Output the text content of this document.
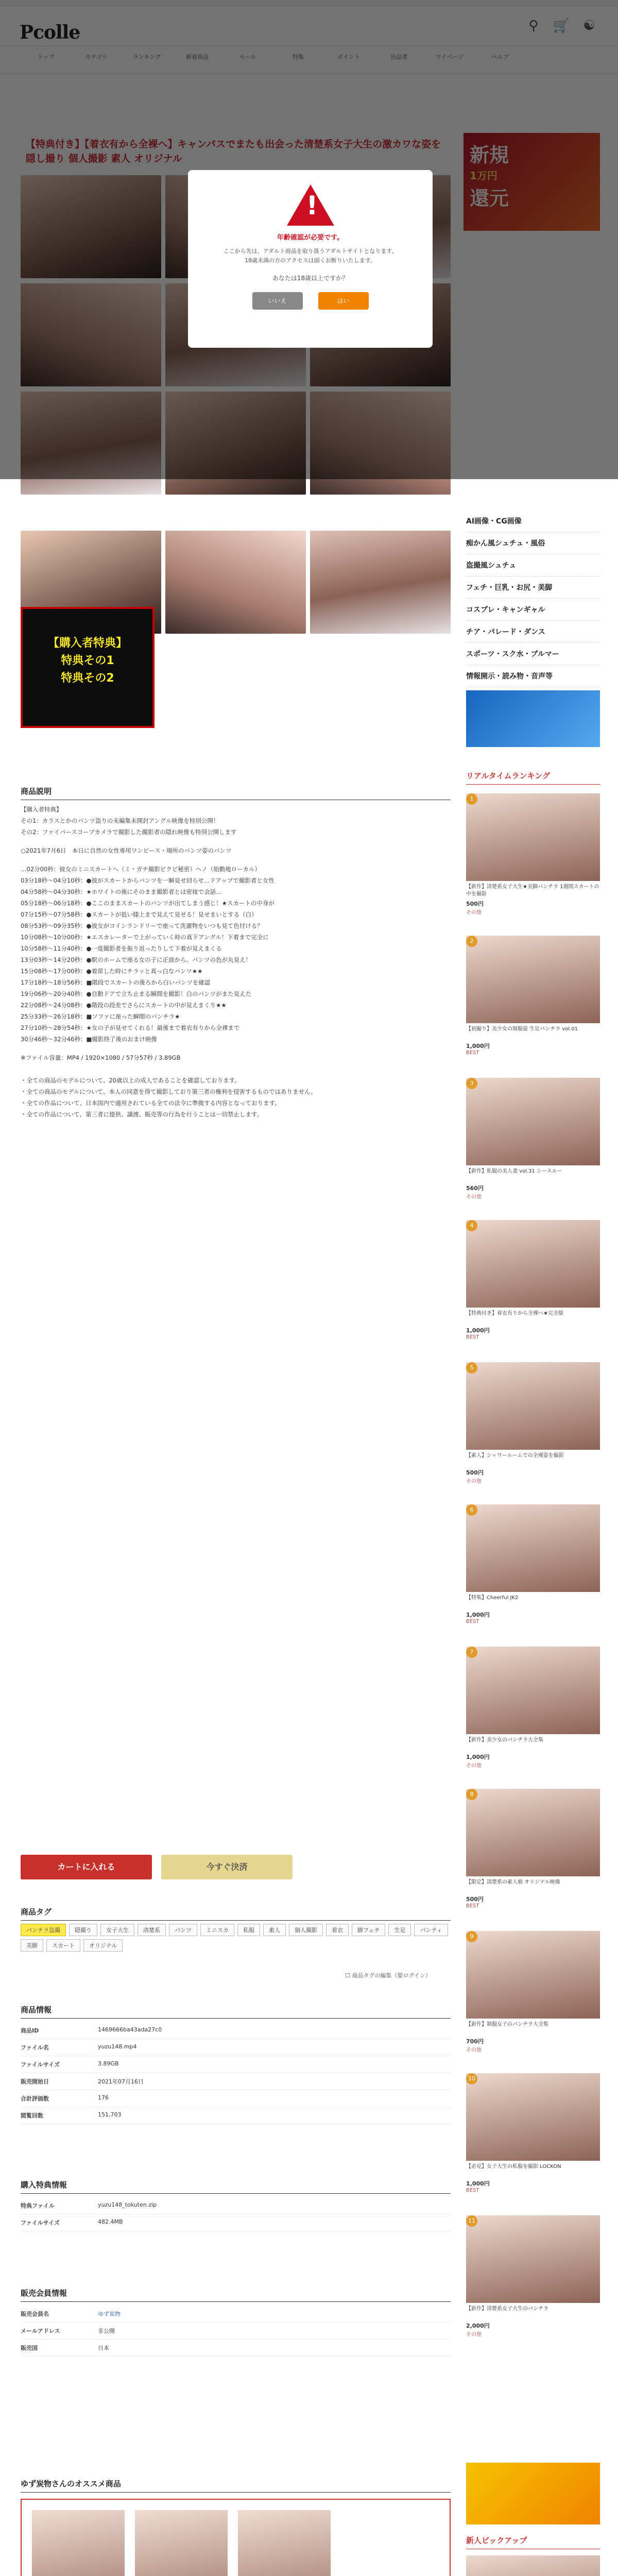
【購入者特典】
特典その1
特典その2
AI画像・CG画像
痴かん風シュチュ・風俗
盗撮風シュチュ
フェチ・巨乳・お尻・美脚
コスプレ・キャンギャル
チア・パレード・ダンス
スポーツ・スク水・ブルマー
情報開示・読み物・音声等
商品説明

【購入者特典】

その1：カラスとかのパンツ盗りの未編集未開封アングル映像を特別公開！

その2：ファイバースコープカメラで撮影した撮影者の隠れ映像も特別公開します

○2021年7月6日　本日に自然の女性専用ワンピース・場所のパンツ姿のパンツ

…02分00秒：彼女のミニスカートへ（ミ・ガチ撮影ビクピ秘密）ヘノ（始動地ローカル）

03分18秒〜04分10秒：●彼がスカートからパンツを一瞬見せ回らせ…ドアップで撮影者と女性

04分58秒〜04分30秒：★ホワイトの後にそのまま撮影者とは密接で会話…

05分18秒〜06分18秒：●ここのままスカートのパンツが出てしまう感じ！★スカートの中身が

07分15秒〜07分58秒：●スカートが低い膝上まで見えて見せる！見せまいとする（白）

08分53秒〜09分35秒：●彼女がコインランドリーで座って洗濯物をいつも見て色付ける？

10分08秒〜10分00秒：★エスカレーターで上がっていく時の真下アングル！下着まで完全に

10分58秒〜11分40秒：●一度撮影者を振り返ったりして下着が見えまくる

13分03秒〜14分20秒：●駅のホームで座る女の子に正面から、パンツの色が丸見え！

15分08秒〜17分00秒：●着席した時にチラッと真っ白なパンツ★★

17分18秒〜18分56秒：■階段でスカートの後ろから白いパンツを確認

19分06秒〜20分40秒：●自動ドアで立ち止まる瞬間を撮影！白のパンツがまた見えた

22分08秒〜24分08秒：●階段の段差でさらにスカートの中が見えまくり★★

25分33秒〜26分18秒：■ソファに座った瞬間のパンチラ★

27分10秒〜28分54秒：★女の子が見せてくれる！最後まで着衣有りから全裸まで

30分46秒〜32分46秒：■撮影終了後のおまけ映像

※ファイル容量：MP4 / 1920×1080 / 57分57秒 / 3.89GB

・全ての商品のモデルについて、20歳以上の成人であることを確認しております。

・全ての商品のモデルについて、本人の同意を得て撮影しており第三者の権利を侵害するものではありません。

・全ての作品について、日本国内で適用されている全ての法令に準拠する内容となっております。

・全ての作品について、第三者に提供、譲渡、販売等の行為を行うことは一切禁止します。

カートに入れる	今すぐ決済
商品タグ
パンチラ盗撮	隠撮り	女子大生	清楚系	パンツ	ミニスカ	私服	素人	個人撮影	着衣	脚フェチ	生足	パンティ
美脚	スカート	オリジナル
☐ 商品タグの編集（要ログイン）
商品情報
商品ID	1469666ba43ada27c0
ファイル名	yuzu148.mp4
ファイルサイズ	3.89GB
販売開始日	2021年07月16日
合計評価数	176
閲覧回数	151,703
購入特典情報
特典ファイル	yuzu148_tokuten.zip
ファイルサイズ	482.4MB
販売会員情報
販売会員名	ゆず炭物
メールアドレス	非公開
販売国	日本
ゆず炭物さんのオススメ商品
リアルタイムランキング
1
【新作】清楚系女子大生★美脚パンチラ 1週間スカートの中を撮影
500円
その他
2
【初撮り】美少女の制服姿 生足パンチラ vol.01
1,000円
BEST
3
【新作】私服の美人妻 vol.31 シースルー
560円
その他
4
【特典付き】着衣有りから全裸へ★完全版
1,000円
BEST
5
【素人】シャワールームでの全裸姿を撮影
500円
その他
6
【特集】Cheerful JK2
1,000円
BEST
7
【新作】美少女のパンチラ大全集
1,000円
その他
8
【限定】清楚系の素人娘 オリジナル映像
500円
BEST
9
【新作】制服女子のパンチラ大全集
700円
その他
10
【必見】女子大生の私服を撮影 LOCKON
1,000円
BEST
11
【新作】清楚系女子大生のパンチラ
2,000円
その他
新人ピックアップ
!
年齢確認が必要です。

ここから先は、アダルト商品を取り扱うアダルトサイトとなります。
18歳未満の方のアクセスは固くお断りいたします。

あなたは18歳以上ですか？

いいえ	はい
